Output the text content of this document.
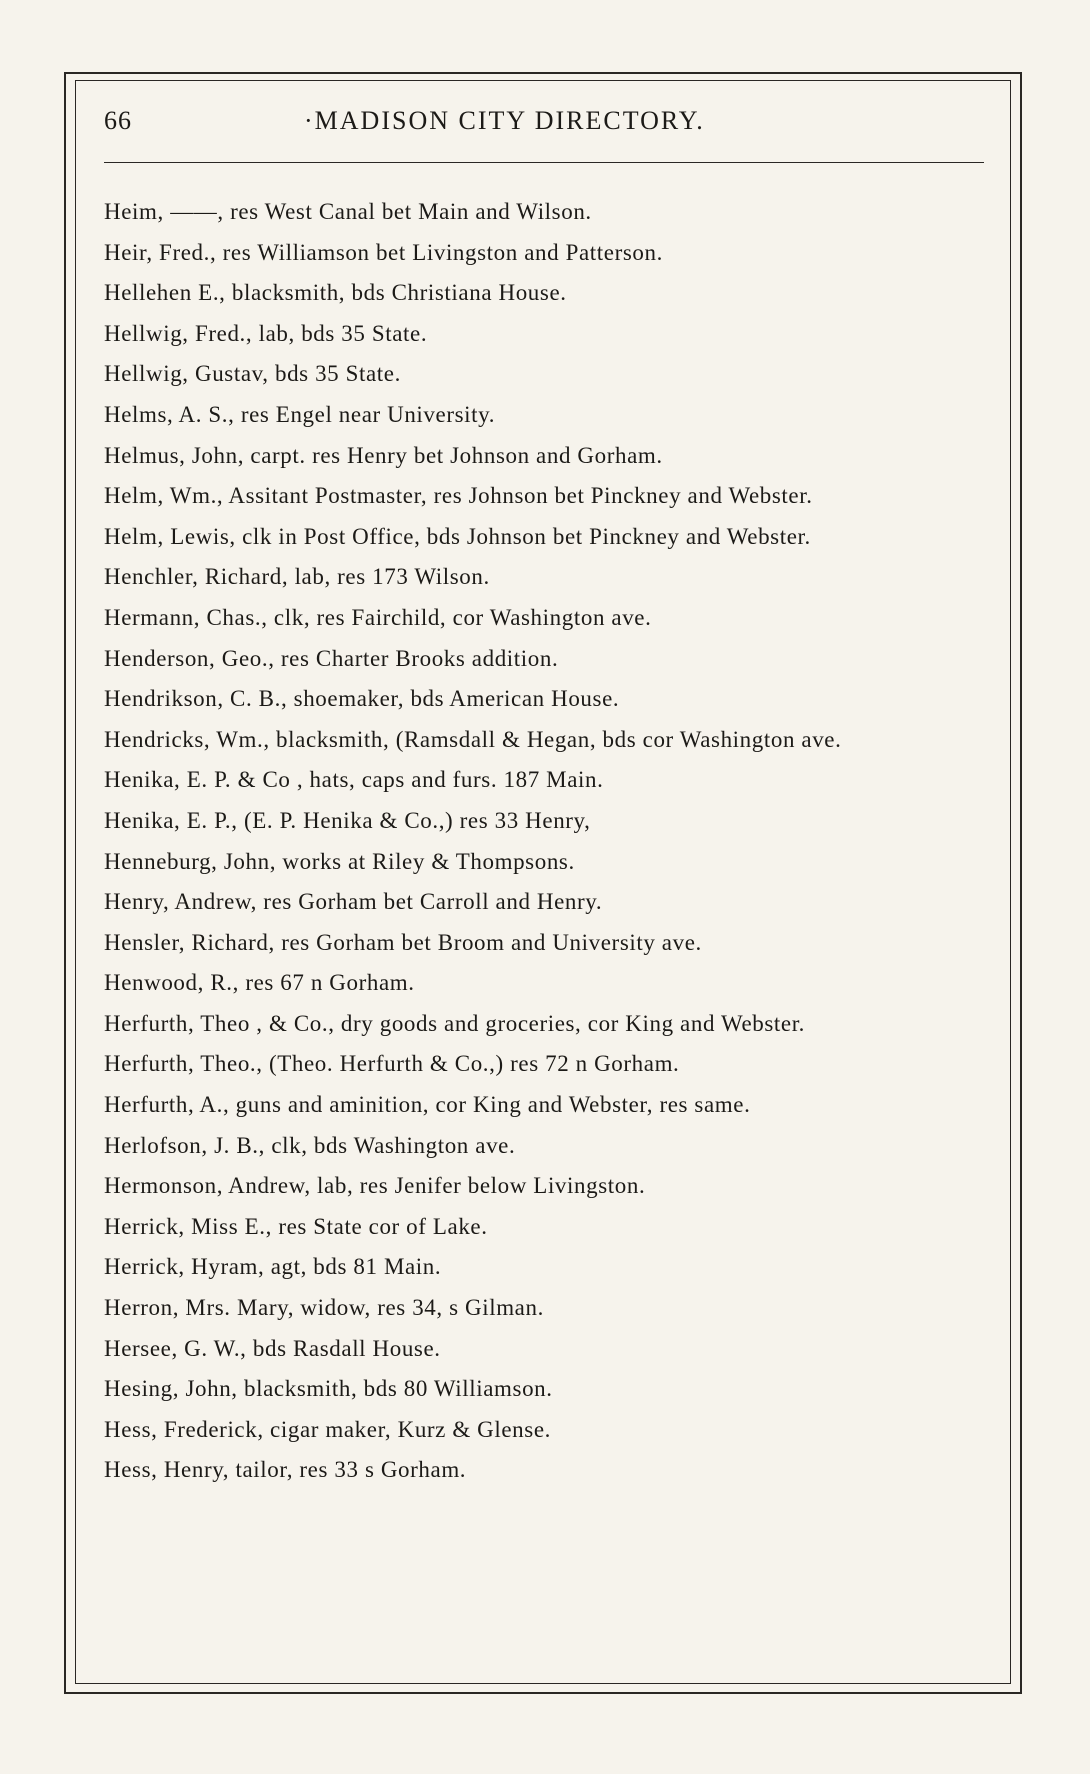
66	·MADISON CITY DIRECTORY.
Heim, ——, res West Canal bet Main and Wilson.
Heir, Fred., res Williamson bet Livingston and Patterson.
Hellehen E., blacksmith, bds Christiana House.
Hellwig, Fred., lab, bds 35 State.
Hellwig, Gustav, bds 35 State.
Helms, A. S., res Engel near University.
Helmus, John, carpt. res Henry bet Johnson and Gorham.
Helm, Wm., Assitant Postmaster, res Johnson bet Pinckney and Webster.
Helm, Lewis, clk in Post Office, bds Johnson bet Pinckney and Webster.
Henchler, Richard, lab, res 173 Wilson.
Hermann, Chas., clk, res Fairchild, cor Washington ave.
Henderson, Geo., res Charter Brooks addition.
Hendrikson, C. B., shoemaker, bds American House.
Hendricks, Wm., blacksmith, (Ramsdall & Hegan, bds cor Washington ave.
Henika, E. P. & Co , hats, caps and furs. 187 Main.
Henika, E. P., (E. P. Henika & Co.,) res 33 Henry,
Henneburg, John, works at Riley & Thompsons.
Henry, Andrew, res Gorham bet Carroll and Henry.
Hensler, Richard, res Gorham bet Broom and University ave.
Henwood, R., res 67 n Gorham.
Herfurth, Theo , & Co., dry goods and groceries, cor King and Webster.
Herfurth, Theo., (Theo. Herfurth & Co.,) res 72 n Gorham.
Herfurth, A., guns and aminition, cor King and Webster, res same.
Herlofson, J. B., clk, bds Washington ave.
Hermonson, Andrew, lab, res Jenifer below Livingston.
Herrick, Miss E., res State cor of Lake.
Herrick, Hyram, agt, bds 81 Main.
Herron, Mrs. Mary, widow, res 34, s Gilman.
Hersee, G. W., bds Rasdall House.
Hesing, John, blacksmith, bds 80 Williamson.
Hess, Frederick, cigar maker, Kurz & Glense.
Hess, Henry, tailor, res 33 s Gorham.
